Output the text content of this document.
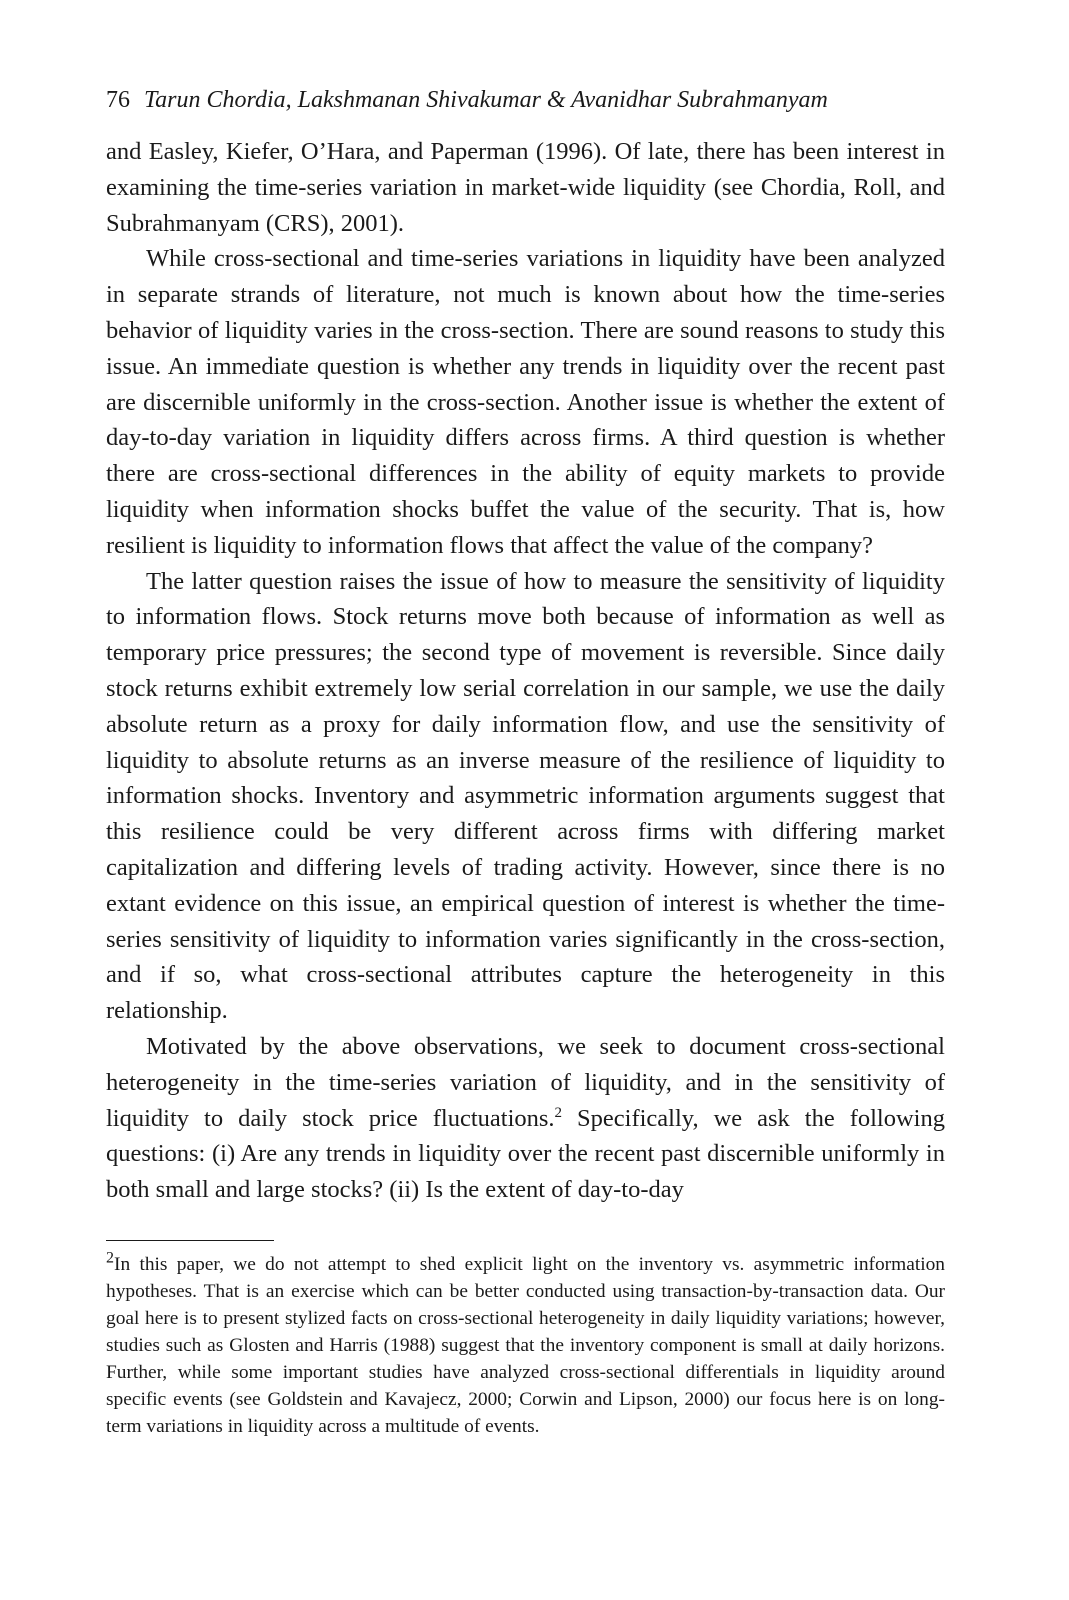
76 Tarun Chordia, Lakshmanan Shivakumar & Avanidhar Subrahmanyam

and Easley, Kiefer, O’Hara, and Paperman (1996). Of late, there has been interest in examining the time-series variation in market-wide liquidity (see Chordia, Roll, and Subrahmanyam (CRS), 2001).

While cross-sectional and time-series variations in liquidity have been analyzed in separate strands of literature, not much is known about how the time-series behavior of liquidity varies in the cross-section. There are sound reasons to study this issue. An immediate question is whether any trends in liquidity over the recent past are discernible uniformly in the cross-section. Another issue is whether the extent of day-to-day variation in liquidity differs across firms. A third question is whether there are cross-sectional differences in the ability of equity markets to provide liquidity when information shocks buffet the value of the security. That is, how resilient is liquidity to information flows that affect the value of the company?

The latter question raises the issue of how to measure the sensitivity of liquidity to information flows. Stock returns move both because of information as well as temporary price pressures; the second type of movement is reversible. Since daily stock returns exhibit extremely low serial correlation in our sample, we use the daily absolute return as a proxy for daily information flow, and use the sensitivity of liquidity to absolute returns as an inverse measure of the resilience of liquidity to information shocks. Inventory and asymmetric information arguments suggest that this resilience could be very different across firms with differing market capitalization and differing levels of trading activity. However, since there is no extant evidence on this issue, an empirical question of interest is whether the time-series sensitivity of liquidity to information varies significantly in the cross-section, and if so, what cross-sectional attributes capture the heterogeneity in this relationship.

Motivated by the above observations, we seek to document cross-sectional heterogeneity in the time-series variation of liquidity, and in the sensitivity of liquidity to daily stock price fluctuations.$^2$ Specifically, we ask the following questions: (i) Are any trends in liquidity over the recent past discernible uniformly in both small and large stocks? (ii) Is the extent of day-to-day

$^2$In this paper, we do not attempt to shed explicit light on the inventory vs. asymmetric information hypotheses. That is an exercise which can be better conducted using transaction-by-transaction data. Our goal here is to present stylized facts on cross-sectional heterogeneity in daily liquidity variations; however, studies such as Glosten and Harris (1988) suggest that the inventory component is small at daily horizons. Further, while some important studies have analyzed cross-sectional differentials in liquidity around specific events (see Goldstein and Kavajecz, 2000; Corwin and Lipson, 2000) our focus here is on long-term variations in liquidity across a multitude of events.
